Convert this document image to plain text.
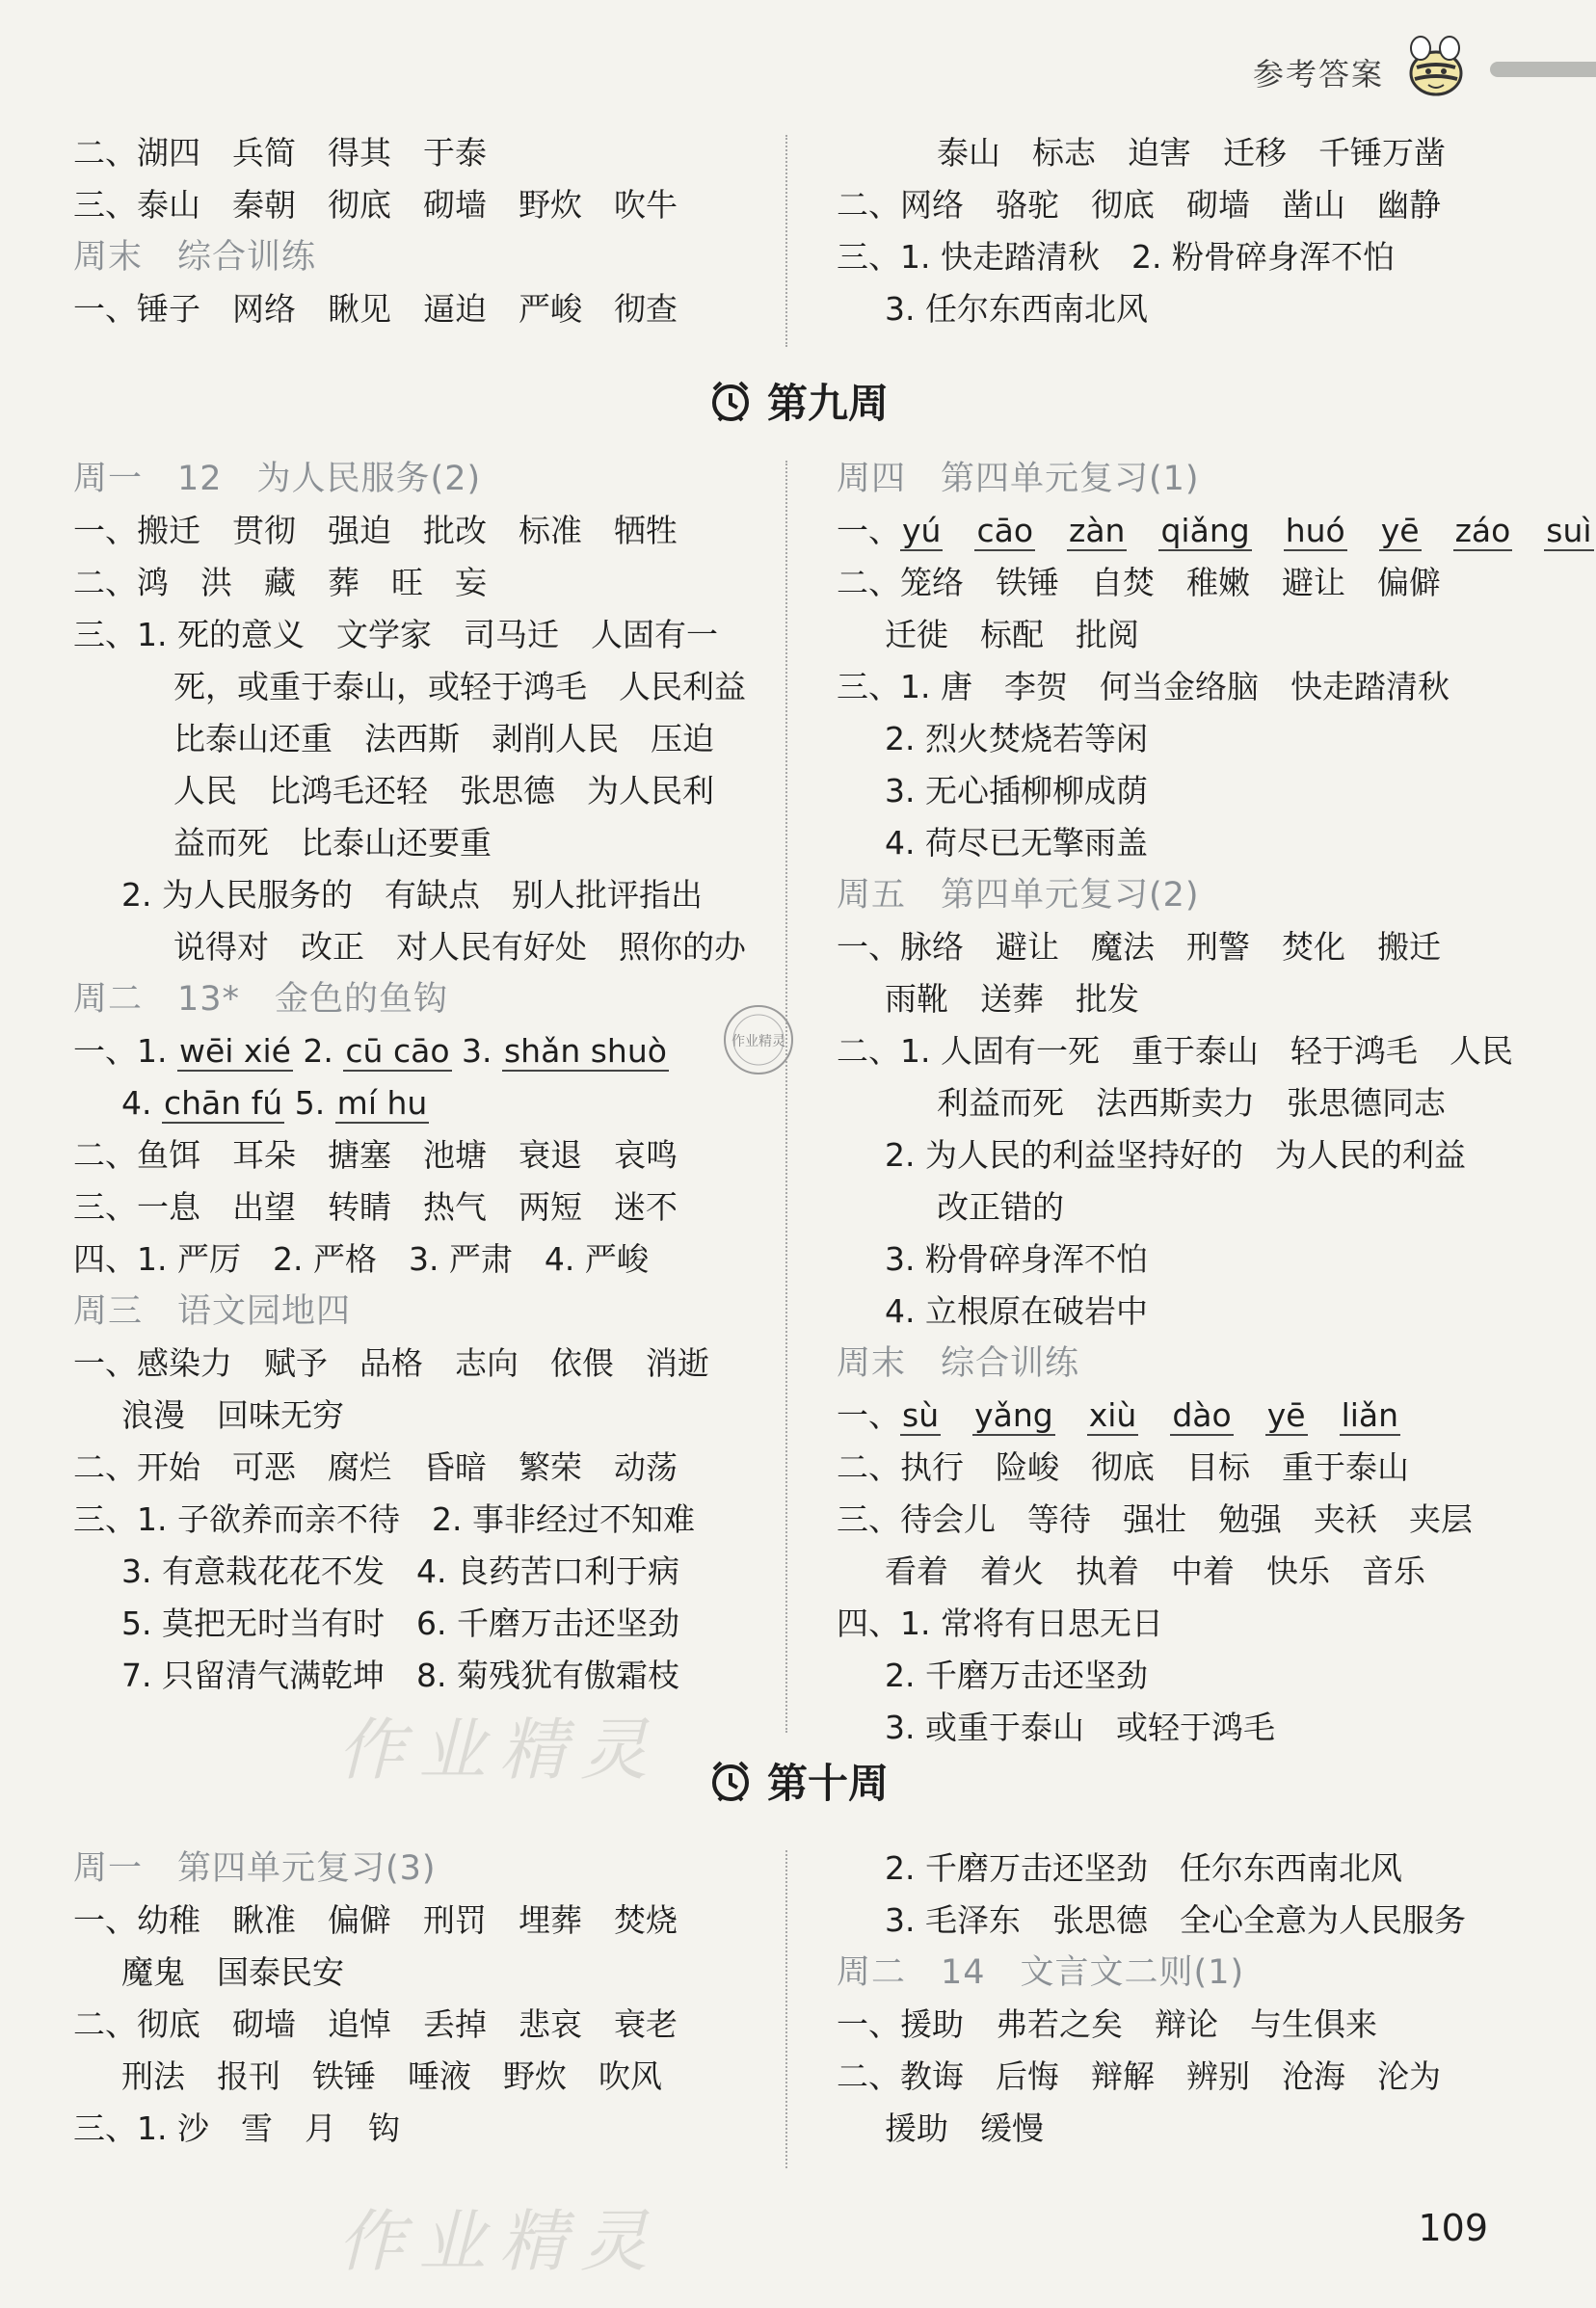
参考答案
二、湖四　兵简　得其　于泰
三、泰山　秦朝　彻底　砌墙　野炊　吹牛
周末　综合训练
一、锤子　网络　瞅见　逼迫　严峻　彻查
泰山　标志　迫害　迁移　千锤万凿
二、网络　骆驼　彻底　砌墙　凿山　幽静
三、1. 快走踏清秋　2. 粉骨碎身浑不怕
3. 任尔东西南北风
第九周
周一　12　为人民服务(2)
一、搬迁　贯彻　强迫　批改　标准　牺牲
二、鸿　洪　藏　葬　旺　妄
三、1. 死的意义　文学家　司马迁　人固有一
死，或重于泰山，或轻于鸿毛　人民利益
比泰山还重　法西斯　剥削人民　压迫
人民　比鸿毛还轻　张思德　为人民利
益而死　比泰山还要重
2. 为人民服务的　有缺点　别人批评指出
说得对　改正　对人民有好处　照你的办
周二　13*　金色的鱼钩
一、1. wēi xié 2. cū cāo 3. shǎn shuò
4. chān fú 5. mí hu
二、鱼饵　耳朵　搪塞　池塘　衰退　哀鸣
三、一息　出望　转睛　热气　两短　迷不
四、1. 严厉　2. 严格　3. 严肃　4. 严峻
周三　语文园地四
一、感染力　赋予　品格　志向　依偎　消逝
浪漫　回味无穷
二、开始　可恶　腐烂　昏暗　繁荣　动荡
三、1. 子欲养而亲不待　2. 事非经过不知难
3. 有意栽花花不发　4. 良药苦口利于病
5. 莫把无时当有时　6. 千磨万击还坚劲
7. 只留清气满乾坤　8. 菊残犹有傲霜枝
周四　第四单元复习(1)
一、yú　 cāo　 zàn　 qiǎng　 huó　 yē　 záo　 suì
二、笼络　铁锤　自焚　稚嫩　避让　偏僻
迁徙　标配　批阅
三、1. 唐　李贺　何当金络脑　快走踏清秋
2. 烈火焚烧若等闲
3. 无心插柳柳成荫
4. 荷尽已无擎雨盖
周五　第四单元复习(2)
一、脉络　避让　魔法　刑警　焚化　搬迁
雨靴　送葬　批发
二、1. 人固有一死　重于泰山　轻于鸿毛　人民
利益而死　法西斯卖力　张思德同志
2. 为人民的利益坚持好的　为人民的利益
改正错的
3. 粉骨碎身浑不怕
4. 立根原在破岩中
周末　综合训练
一、sù　 yǎng　 xiù　 dào　 yē　 liǎn
二、执行　险峻　彻底　目标　重于泰山
三、待会儿　等待　强壮　勉强　夹袄　夹层
看着　着火　执着　中着　快乐　音乐
四、1. 常将有日思无日
2. 千磨万击还坚劲
3. 或重于泰山　或轻于鸿毛
第十周
周一　第四单元复习(3)
一、幼稚　瞅准　偏僻　刑罚　埋葬　焚烧
魔鬼　国泰民安
二、彻底　砌墙　追悼　丢掉　悲哀　衰老
刑法　报刊　铁锤　唾液　野炊　吹风
三、1. 沙　雪　月　钩
2. 千磨万击还坚劲　任尔东西南北风
3. 毛泽东　张思德　全心全意为人民服务
周二　14　文言文二则(1)
一、援助　弗若之矣　辩论　与生俱来
二、教诲　后悔　辩解　辨别　沧海　沦为
援助　缓慢
作业精灵
作业精灵
作业精灵	109
